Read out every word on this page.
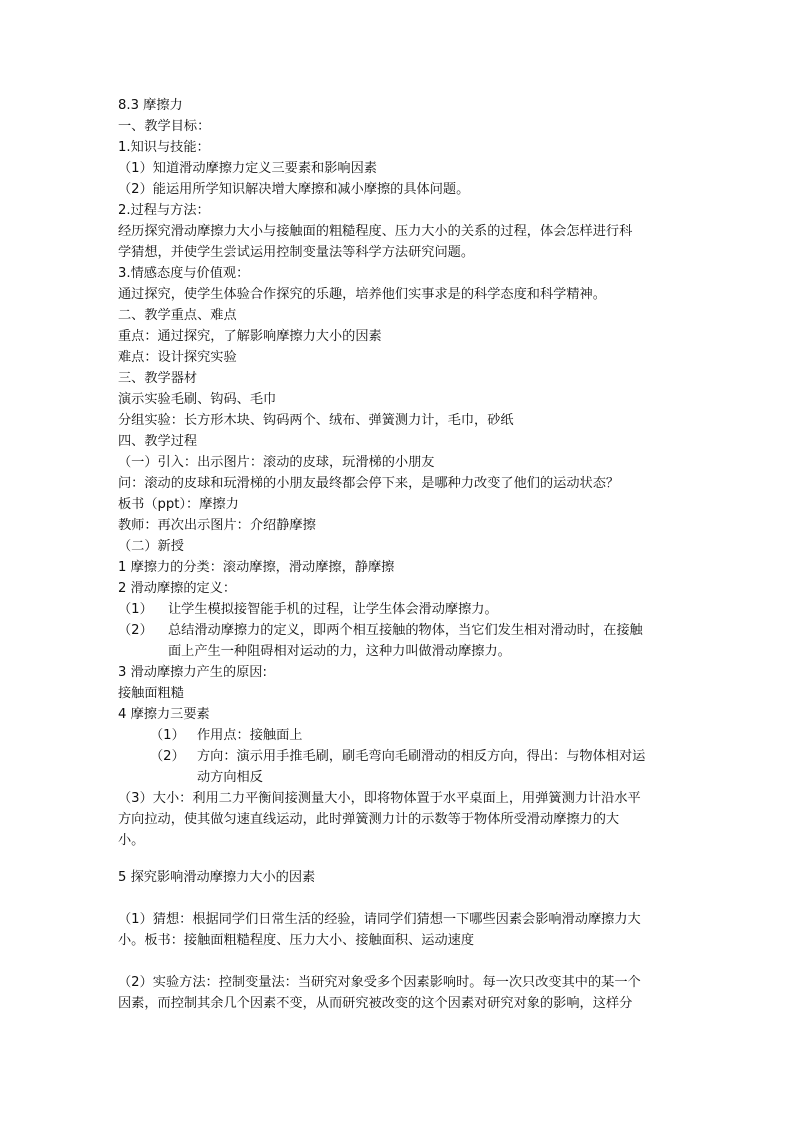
8.3 摩擦力
一、教学目标：
1.知识与技能：
（1）知道滑动摩擦力定义三要素和影响因素
（2）能运用所学知识解决增大摩擦和减小摩擦的具体问题。
2.过程与方法：
经历探究滑动摩擦力大小与接触面的粗糙程度、压力大小的关系的过程，体会怎样进行科
学猜想，并使学生尝试运用控制变量法等科学方法研究问题。
3.情感态度与价值观：
通过探究，使学生体验合作探究的乐趣，培养他们实事求是的科学态度和科学精神。
二、教学重点、难点
重点：通过探究，了解影响摩擦力大小的因素
难点：设计探究实验
三、教学器材
演示实验毛刷、钩码、毛巾
分组实验：长方形木块、钩码两个、绒布、弹簧测力计，毛巾，砂纸
四、教学过程
（一）引入：出示图片：滚动的皮球，玩滑梯的小朋友
问：滚动的皮球和玩滑梯的小朋友最终都会停下来，是哪种力改变了他们的运动状态？
板书（ppt）：摩擦力
教师：再次出示图片：介绍静摩擦
（二）新授
1 摩擦力的分类：滚动摩擦，滑动摩擦，静摩擦
2 滑动摩擦的定义：
（1） 让学生模拟接智能手机的过程，让学生体会滑动摩擦力。
（2） 总结滑动摩擦力的定义，即两个相互接触的物体，当它们发生相对滑动时，在接触
面上产生一种阻碍相对运动的力，这种力叫做滑动摩擦力。
3 滑动摩擦力产生的原因:
接触面粗糙
4 摩擦力三要素
（1） 作用点：接触面上
（2） 方向：演示用手推毛刷，刷毛弯向毛刷滑动的相反方向，得出：与物体相对运
动方向相反
（3）大小：利用二力平衡间接测量大小，即将物体置于水平桌面上，用弹簧测力计沿水平
方向拉动，使其做匀速直线运动，此时弹簧测力计的示数等于物体所受滑动摩擦力的大
小。
5 探究影响滑动摩擦力大小的因素
（1）猜想：根据同学们日常生活的经验，请同学们猜想一下哪些因素会影响滑动摩擦力大
小。板书：接触面粗糙程度、压力大小、接触面积、运动速度
（2）实验方法：控制变量法：当研究对象受多个因素影响时。每一次只改变其中的某一个
因素，而控制其余几个因素不变，从而研究被改变的这个因素对研究对象的影响，这样分
